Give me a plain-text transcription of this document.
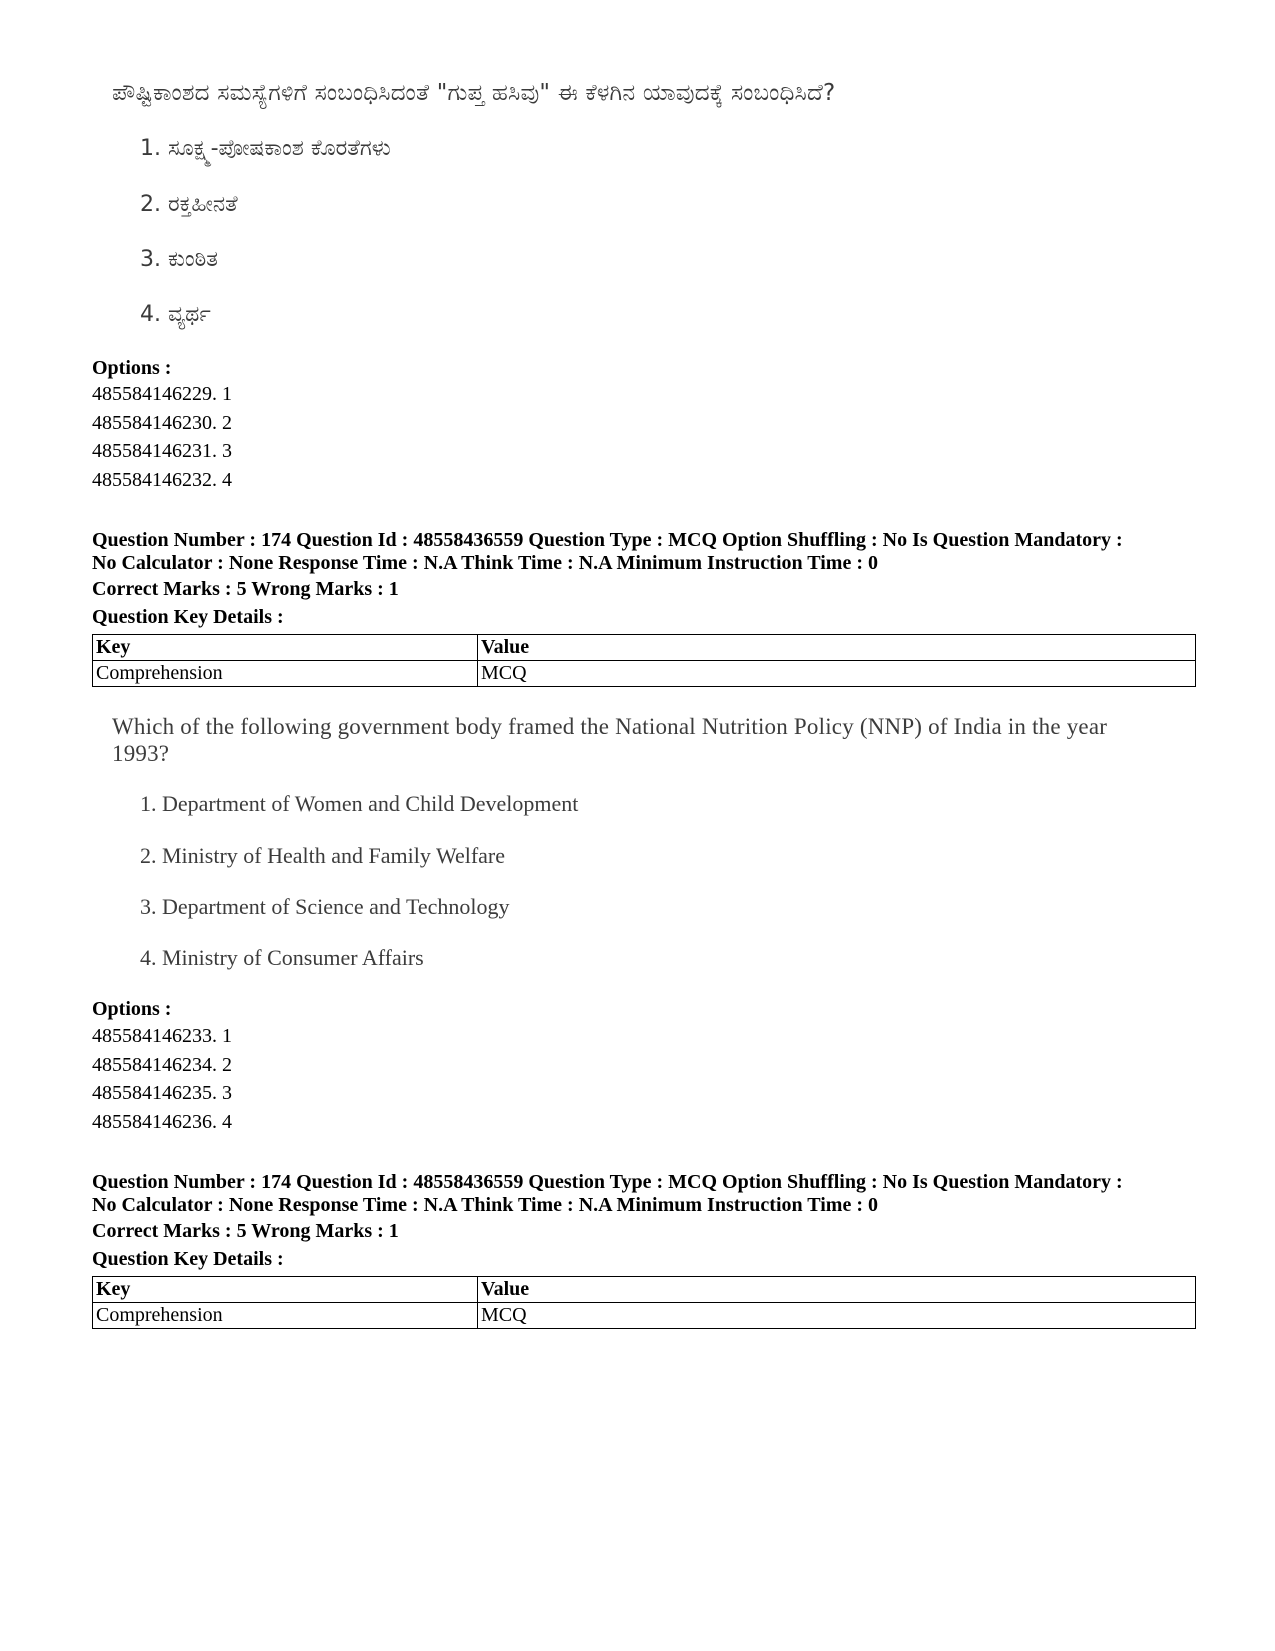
ಪೌಷ್ಟಿಕಾಂಶದ ಸಮಸ್ಯೆಗಳಿಗೆ ಸಂಬಂಧಿಸಿದಂತೆ "ಗುಪ್ತ ಹಸಿವು" ಈ ಕೆಳಗಿನ ಯಾವುದಕ್ಕೆ ಸಂಬಂಧಿಸಿದೆ?
1. ಸೂಕ್ಷ್ಮ-ಪೋಷಕಾಂಶ ಕೊರತೆಗಳು
2. ರಕ್ತಹೀನತೆ
3. ಕುಂಠಿತ
4. ವ್ಯರ್ಥ
Options :
485584146229. 1
485584146230. 2
485584146231. 3
485584146232. 4
Question Number : 174 Question Id : 48558436559 Question Type : MCQ Option Shuffling : No Is Question Mandatory :
No Calculator : None Response Time : N.A Think Time : N.A Minimum Instruction Time : 0
Correct Marks : 5 Wrong Marks : 1
Question Key Details :
Key	Value
Comprehension	MCQ
Which of the following government body framed the National Nutrition Policy (NNP) of India in the year
1993?
1. Department of Women and Child Development
2. Ministry of Health and Family Welfare
3. Department of Science and Technology
4. Ministry of Consumer Affairs
Options :
485584146233. 1
485584146234. 2
485584146235. 3
485584146236. 4
Question Number : 174 Question Id : 48558436559 Question Type : MCQ Option Shuffling : No Is Question Mandatory :
No Calculator : None Response Time : N.A Think Time : N.A Minimum Instruction Time : 0
Correct Marks : 5 Wrong Marks : 1
Question Key Details :
Key	Value
Comprehension	MCQ
